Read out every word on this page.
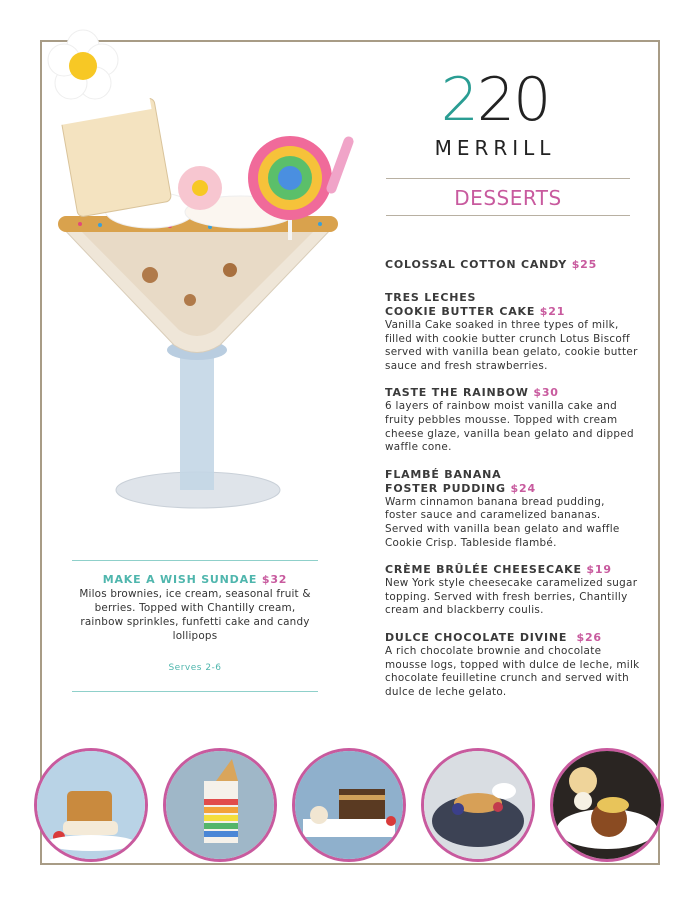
220
MERRILL
DESSERTS
COLOSSAL COTTON CANDY $25
TRES LECHES
COOKIE BUTTER CAKE $21
Vanilla Cake soaked in three types of milk, filled with cookie butter crunch Lotus Biscoff served with vanilla bean gelato, cookie butter sauce and fresh strawberries.
TASTE THE RAINBOW $30
6 layers of rainbow moist vanilla cake and fruity pebbles mousse. Topped with cream cheese glaze, vanilla bean gelato and dipped waffle cone.
FLAMBÉ BANANA
FOSTER PUDDING $24
Warm cinnamon banana bread pudding, foster sauce and caramelized bananas. Served with vanilla bean gelato and waffle Cookie Crisp. Tableside flambé.
CRÈME BRÛLÉE CHEESECAKE $19
New York style cheesecake caramelized sugar topping. Served with fresh berries, Chantilly cream and blackberry coulis.
DULCE CHOCOLATE DIVINE $26
A rich chocolate brownie and chocolate mousse logs, topped with dulce de leche, milk chocolate feuilletine crunch and served with dulce de leche gelato.
MAKE A WISH SUNDAE $32
Milos brownies, ice cream, seasonal fruit & berries. Topped with Chantilly cream, rainbow sprinkles, funfetti cake and candy lollipops
Serves 2-6
